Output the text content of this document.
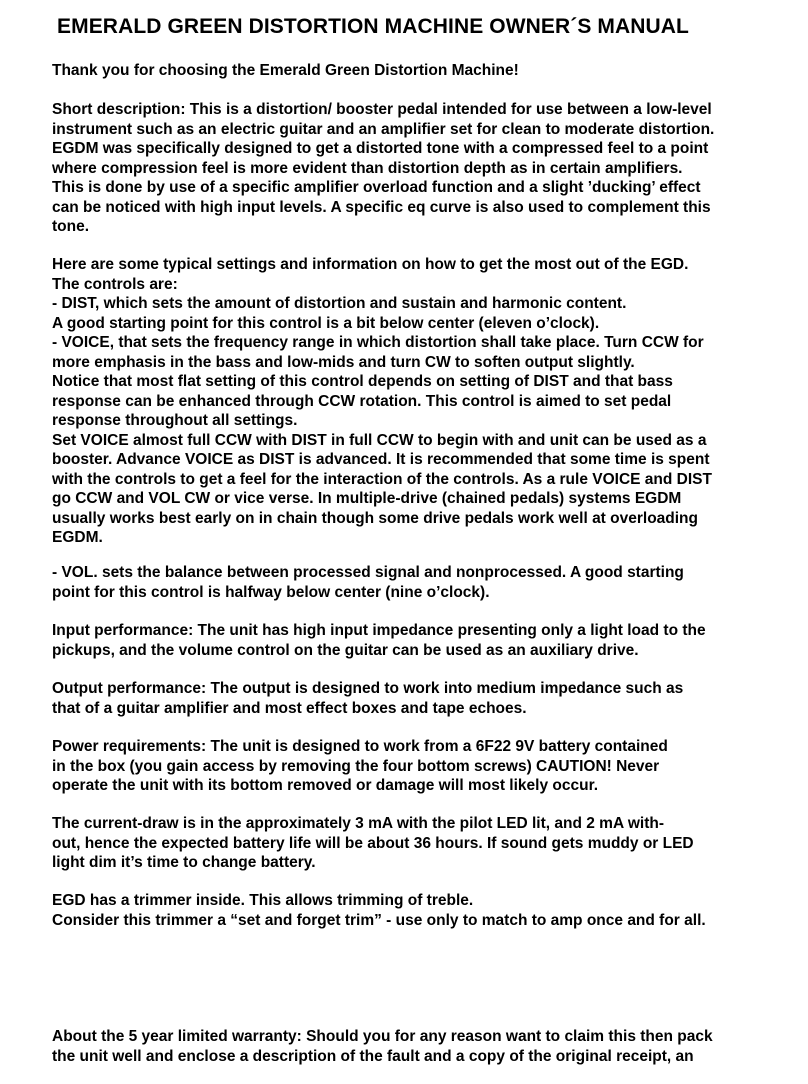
EMERALD GREEN DISTORTION MACHINE OWNER´S MANUAL
Thank you for choosing the Emerald Green Distortion Machine!
Short description: This is a distortion/ booster pedal intended for use between a low-level
instrument such as an electric guitar and an amplifier set for clean to moderate distortion.
EGDM was specifically designed to get a distorted tone with a compressed feel to a point
where compression feel is more evident than distortion depth as in certain amplifiers.
This is done by use of a specific amplifier overload function and a slight ’ducking’ effect
can be noticed with high input levels. A specific eq curve is also used to complement this
tone.
Here are some typical settings and information on how to get the most out of the EGD.
The controls are:
- DIST, which sets the amount of distortion and sustain and harmonic content.
A good starting point for this control is a bit below center (eleven o’clock).
- VOICE, that sets the frequency range in which distortion shall take place. Turn CCW for
more emphasis in the bass and low-mids and turn CW to soften output slightly.
Notice that most flat setting of this control depends on setting of DIST and that bass
response can be enhanced through CCW rotation. This control is aimed to set pedal
response throughout all settings.
Set VOICE almost full CCW with DIST in full CCW to begin with and unit can be used as a
booster. Advance VOICE as DIST is advanced. It is recommended that some time is spent
with the controls to get a feel for the interaction of the controls. As a rule VOICE and DIST
go CCW and VOL CW or vice verse. In multiple-drive (chained pedals) systems EGDM
usually works best early on in chain though some drive pedals work well at overloading
EGDM.
- VOL. sets the balance between processed signal and nonprocessed. A good starting
point for this control is halfway below center (nine o’clock).
Input performance: The unit has high input impedance presenting only a light load to the
pickups, and the volume control on the guitar can be used as an auxiliary drive.
Output performance: The output is designed to work into medium impedance such as
that of a guitar amplifier and most effect boxes and tape echoes.
Power requirements: The unit is designed to work from a 6F22 9V battery contained
in the box (you gain access by removing the four bottom screws) CAUTION! Never
operate the unit with its bottom removed or damage will most likely occur.
The current-draw is in the approximately 3 mA with the pilot LED lit, and 2 mA with-
out, hence the expected battery life will be about 36 hours. If sound gets muddy or LED
light dim it’s time to change battery.
EGD has a trimmer inside. This allows trimming of treble.
Consider this trimmer a “set and forget trim” - use only to match to amp once and for all.
About the 5 year limited warranty: Should you for any reason want to claim this then pack
the unit well and enclose a description of the fault and a copy of the original receipt, an
